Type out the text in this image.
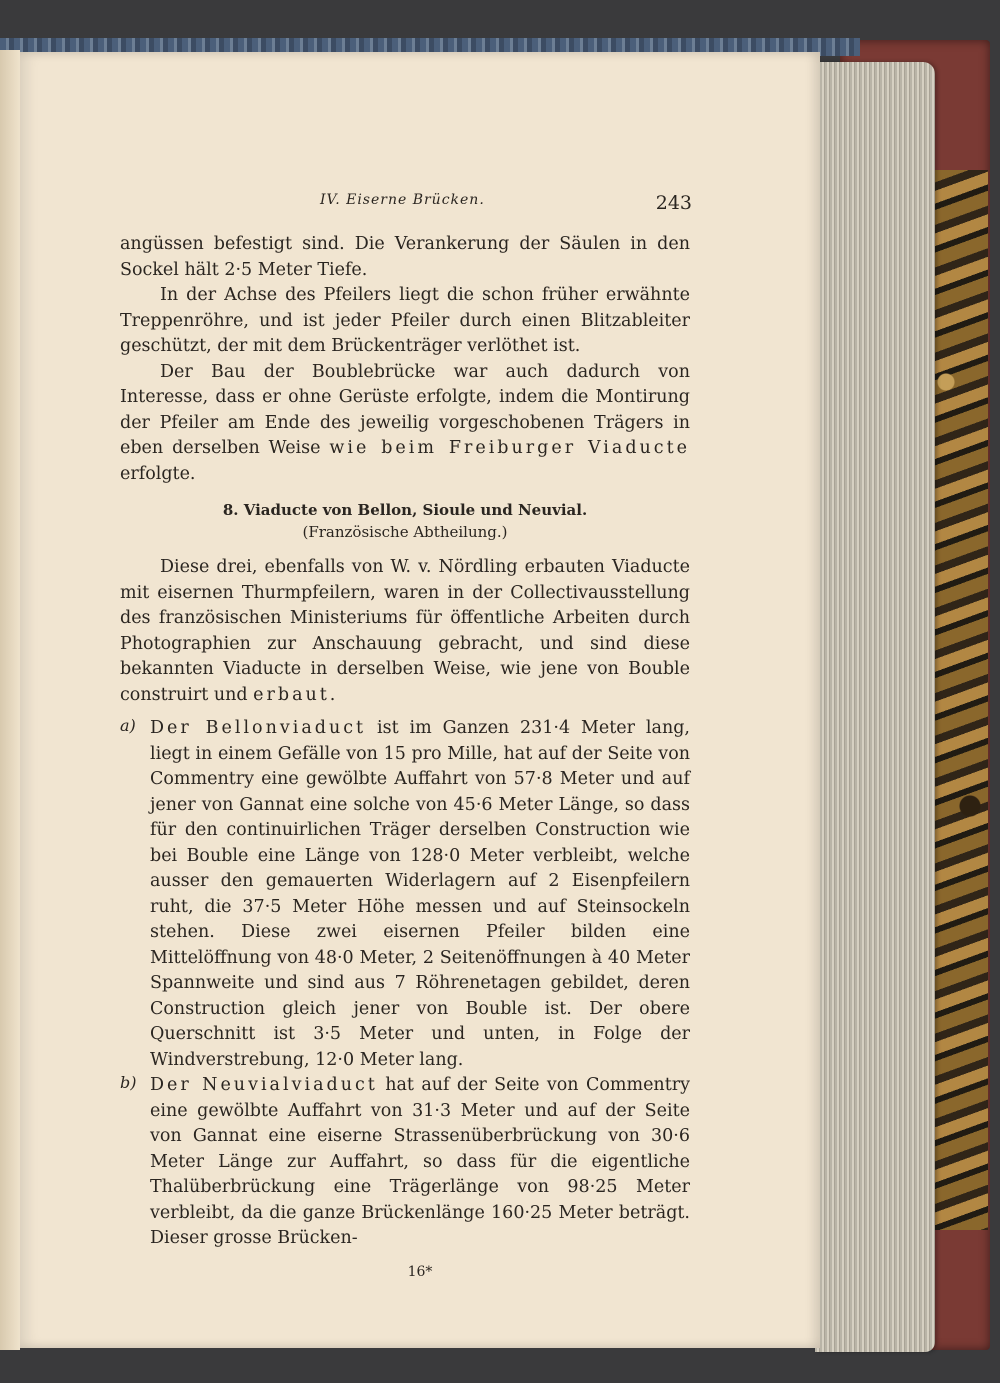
IV. Eiserne Brücken.	243

angüssen befestigt sind. Die Verankerung der Säulen in den Sockel hält 2·5 Meter Tiefe.

In der Achse des Pfeilers liegt die schon früher erwähnte Treppenröhre, und ist jeder Pfeiler durch einen Blitzableiter geschützt, der mit dem Brückenträger verlöthet ist.

Der Bau der Boublebrücke war auch dadurch von Interesse, dass er ohne Gerüste erfolgte, indem die Montirung der Pfeiler am Ende des jeweilig vorgeschobenen Trägers in eben derselben Weise wie beim Freiburger Viaducte erfolgte.

8. Viaducte von Bellon, Sioule und Neuvial.
(Französische Abtheilung.)

Diese drei, ebenfalls von W. v. Nördling erbauten Viaducte mit eisernen Thurmpfeilern, waren in der Collectivausstellung des französischen Ministeriums für öffentliche Arbeiten durch Photographien zur Anschauung gebracht, und sind diese bekannten Viaducte in derselben Weise, wie jene von Bouble construirt und erbaut.

a) Der Bellonviaduct ist im Ganzen 231·4 Meter lang, liegt in einem Gefälle von 15 pro Mille, hat auf der Seite von Commentry eine gewölbte Auffahrt von 57·8 Meter und auf jener von Gannat eine solche von 45·6 Meter Länge, so dass für den continuirlichen Träger derselben Construction wie bei Bouble eine Länge von 128·0 Meter verbleibt, welche ausser den gemauerten Widerlagern auf 2 Eisenpfeilern ruht, die 37·5 Meter Höhe messen und auf Steinsockeln stehen. Diese zwei eisernen Pfeiler bilden eine Mittelöffnung von 48·0 Meter, 2 Seitenöffnungen à 40 Meter Spannweite und sind aus 7 Röhrenetagen gebildet, deren Construction gleich jener von Bouble ist. Der obere Querschnitt ist 3·5 Meter und unten, in Folge der Windverstrebung, 12·0 Meter lang.

b) Der Neuvialviaduct hat auf der Seite von Commentry eine gewölbte Auffahrt von 31·3 Meter und auf der Seite von Gannat eine eiserne Strassenüberbrückung von 30·6 Meter Länge zur Auffahrt, so dass für die eigentliche Thalüberbrückung eine Trägerlänge von 98·25 Meter verbleibt, da die ganze Brückenlänge 160·25 Meter beträgt. Dieser grosse Brücken-

16*
